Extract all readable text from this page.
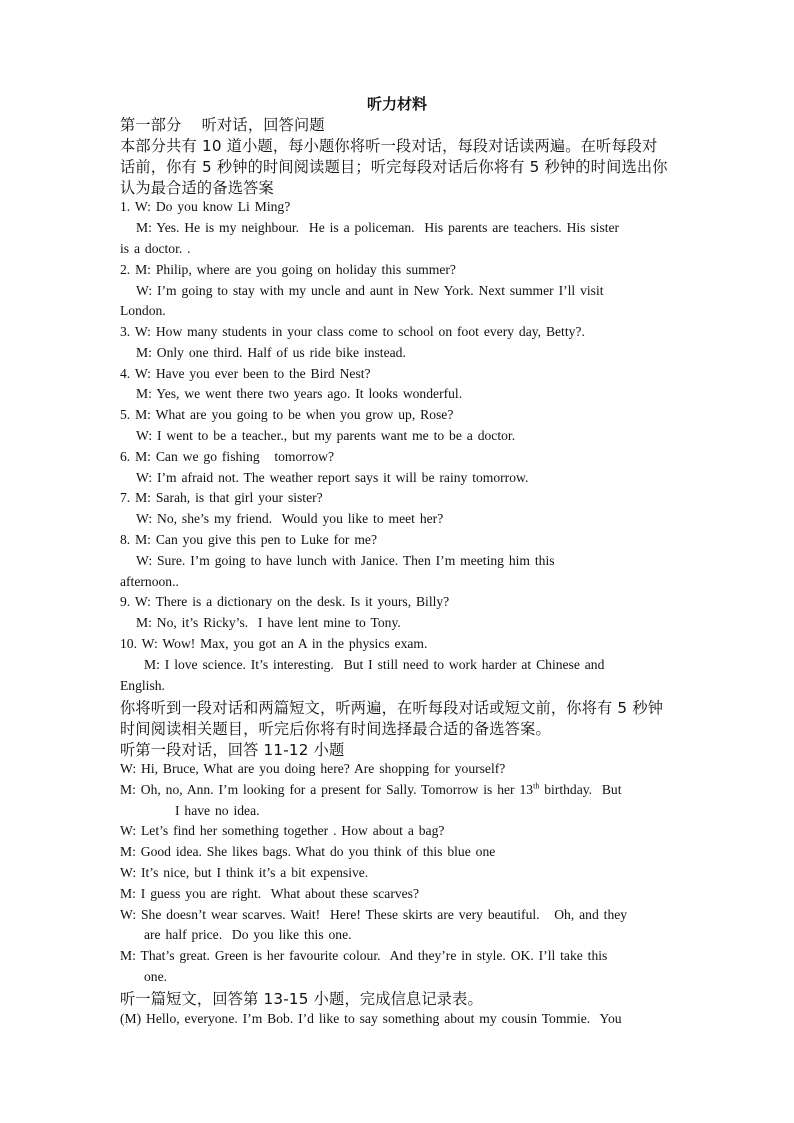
听力材料
第一部分    听对话，回答问题
本部分共有 10 道小题，每小题你将听一段对话，每段对话读两遍。在听每段对
话前，你有 5 秒钟的时间阅读题目；听完每段对话后你将有 5 秒钟的时间选出你
认为最合适的备选答案
1. W: Do you know Li Ming?
M: Yes. He is my neighbour.  He is a policeman.  His parents are teachers. His sister
is a doctor. .
2. M: Philip, where are you going on holiday this summer?
W: I’m going to stay with my uncle and aunt in New York. Next summer I’ll visit
London.
3. W: How many students in your class come to school on foot every day, Betty?.
M: Only one third. Half of us ride bike instead.
4. W: Have you ever been to the Bird Nest?
M: Yes, we went there two years ago. It looks wonderful.
5. M: What are you going to be when you grow up, Rose?
W: I went to be a teacher., but my parents want me to be a doctor.
6. M: Can we go fishing   tomorrow?
W: I’m afraid not. The weather report says it will be rainy tomorrow.
7. M: Sarah, is that girl your sister?
W: No, she’s my friend.  Would you like to meet her?
8. M: Can you give this pen to Luke for me?
W: Sure. I’m going to have lunch with Janice. Then I’m meeting him this
afternoon..
9. W: There is a dictionary on the desk. Is it yours, Billy?
M: No, it’s Ricky’s.  I have lent mine to Tony.
10. W: Wow! Max, you got an A in the physics exam.
M: I love science. It’s interesting.  But I still need to work harder at Chinese and
English.
你将听到一段对话和两篇短文，听两遍，在听每段对话或短文前，你将有 5 秒钟
时间阅读相关题目，听完后你将有时间选择最合适的备选答案。
听第一段对话，回答 11-12 小题
W: Hi, Bruce, What are you doing here? Are shopping for yourself?
M: Oh, no, Ann. I’m looking for a present for Sally. Tomorrow is her 13th birthday.  But
I have no idea.
W: Let’s find her something together . How about a bag?
M: Good idea. She likes bags. What do you think of this blue one
W: It’s nice, but I think it’s a bit expensive.
M: I guess you are right.  What about these scarves?
W: She doesn’t wear scarves. Wait!  Here! These skirts are very beautiful.   Oh, and they
are half price.  Do you like this one.
M: That’s great. Green is her favourite colour.  And they’re in style. OK. I’ll take this
one.
听一篇短文，回答第 13-15 小题，完成信息记录表。
(M) Hello, everyone. I’m Bob. I’d like to say something about my cousin Tommie.  You
